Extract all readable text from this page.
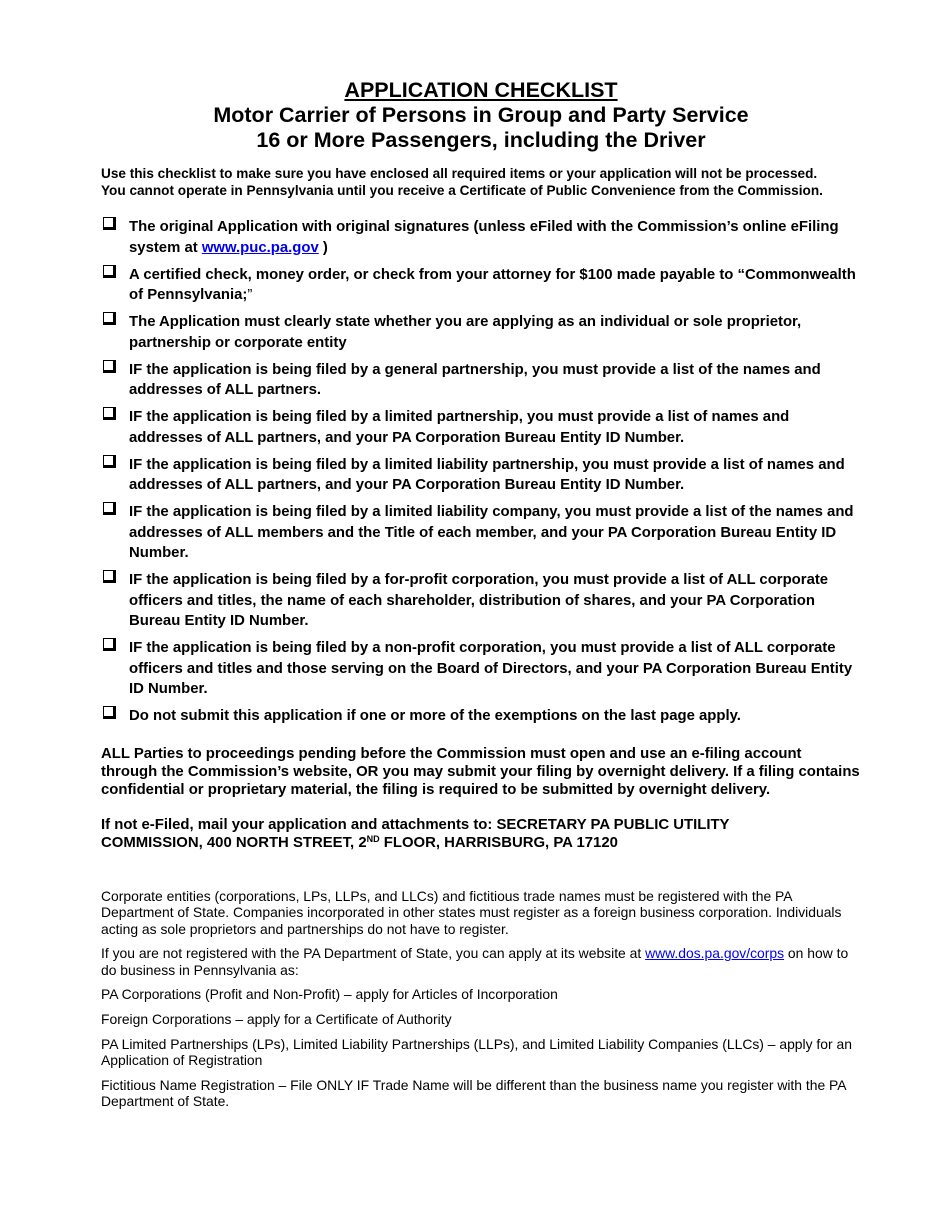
APPLICATION CHECKLIST
Motor Carrier of Persons in Group and Party Service
16 or More Passengers, including the Driver

Use this checklist to make sure you have enclosed all required items or your application will not be processed.
You cannot operate in Pennsylvania until you receive a Certificate of Public Convenience from the Commission.

The original Application with original signatures (unless eFiled with the Commission’s online eFiling system at www.puc.pa.gov )
A certified check, money order, or check from your attorney for $100 made payable to “Commonwealth of Pennsylvania;”
The Application must clearly state whether you are applying as an individual or sole proprietor, partnership or corporate entity
IF the application is being filed by a general partnership, you must provide a list of the names and addresses of ALL partners.
IF the application is being filed by a limited partnership, you must provide a list of names and addresses of ALL partners, and your PA Corporation Bureau Entity ID Number.
IF the application is being filed by a limited liability partnership, you must provide a list of names and addresses of ALL partners, and your PA Corporation Bureau Entity ID Number.
IF the application is being filed by a limited liability company, you must provide a list of the names and addresses of ALL members and the Title of each member, and your PA Corporation Bureau Entity ID Number.
IF the application is being filed by a for-profit corporation, you must provide a list of ALL corporate officers and titles, the name of each shareholder, distribution of shares, and your PA Corporation Bureau Entity ID Number.
IF the application is being filed by a non-profit corporation, you must provide a list of ALL corporate officers and titles and those serving on the Board of Directors, and your PA Corporation Bureau Entity ID Number.
Do not submit this application if one or more of the exemptions on the last page apply.

ALL Parties to proceedings pending before the Commission must open and use an e-filing account through the Commission’s website, OR you may submit your filing by overnight delivery. If a filing contains confidential or proprietary material, the filing is required to be submitted by overnight delivery.

If not e-Filed, mail your application and attachments to: SECRETARY PA PUBLIC UTILITY
COMMISSION, 400 NORTH STREET, 2ND FLOOR, HARRISBURG, PA 17120

Corporate entities (corporations, LPs, LLPs, and LLCs) and fictitious trade names must be registered with the PA Department of State. Companies incorporated in other states must register as a foreign business corporation. Individuals acting as sole proprietors and partnerships do not have to register.

If you are not registered with the PA Department of State, you can apply at its website at www.dos.pa.gov/corps on how to do business in Pennsylvania as:

PA Corporations (Profit and Non-Profit) – apply for Articles of Incorporation

Foreign Corporations – apply for a Certificate of Authority

PA Limited Partnerships (LPs), Limited Liability Partnerships (LLPs), and Limited Liability Companies (LLCs) – apply for an Application of Registration

Fictitious Name Registration – File ONLY IF Trade Name will be different than the business name you register with the PA Department of State.
